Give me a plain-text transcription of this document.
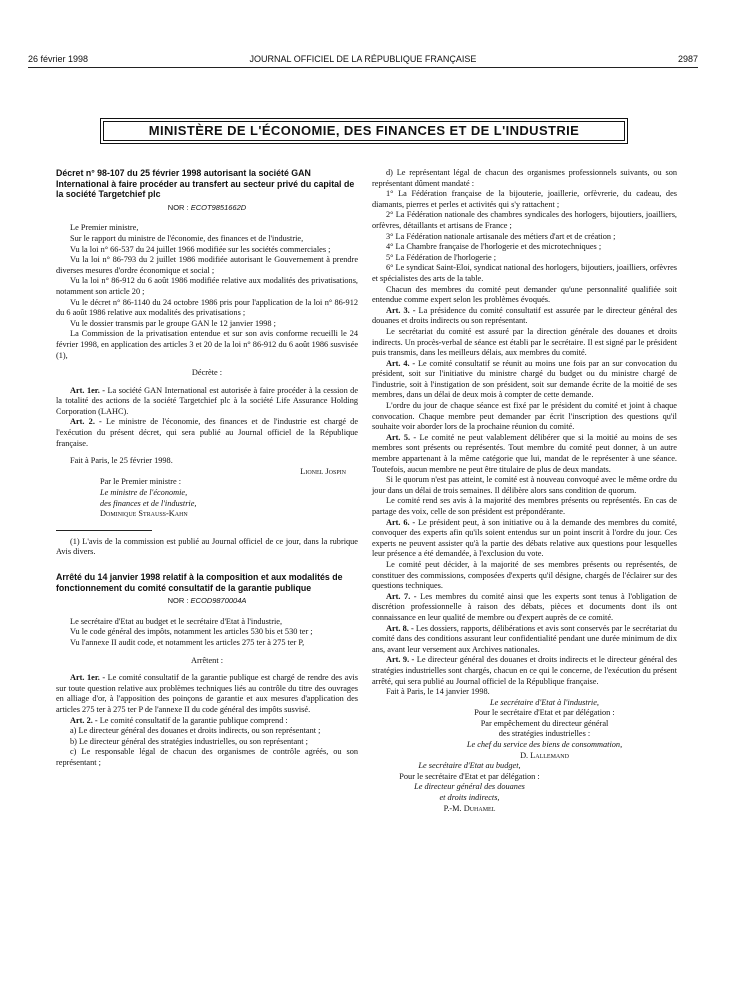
26 février 1998	JOURNAL OFFICIEL DE LA RÉPUBLIQUE FRANÇAISE	2987
MINISTÈRE DE L'ÉCONOMIE, DES FINANCES ET DE L'INDUSTRIE
Décret n° 98-107 du 25 février 1998 autorisant la société GAN International à faire procéder au transfert au secteur privé du capital de la société Targetchief plc
NOR : ECOT9851662D

Le Premier ministre,

Sur le rapport du ministre de l'économie, des finances et de l'industrie,

Vu la loi n° 66-537 du 24 juillet 1966 modifiée sur les sociétés commerciales ;

Vu la loi n° 86-793 du 2 juillet 1986 modifiée autorisant le Gouvernement à prendre diverses mesures d'ordre économique et social ;

Vu la loi n° 86-912 du 6 août 1986 modifiée relative aux modalités des privatisations, notamment son article 20 ;

Vu le décret n° 86-1140 du 24 octobre 1986 pris pour l'application de la loi n° 86-912 du 6 août 1986 relative aux modalités des privatisations ;

Vu le dossier transmis par le groupe GAN le 12 janvier 1998 ;

La Commission de la privatisation entendue et sur son avis conforme recueilli le 24 février 1998, en application des articles 3 et 20 de la loi n° 86-912 du 6 août 1986 susvisée (1),

Décrète :

Art. 1er. - La société GAN International est autorisée à faire procéder à la cession de la totalité des actions de la société Targetchief plc à la société Life Assurance Holding Corporation (LAHC).

Art. 2. - Le ministre de l'économie, des finances et de l'industrie est chargé de l'exécution du présent décret, qui sera publié au Journal officiel de la République française.

Fait à Paris, le 25 février 1998.

Lionel Jospin

Par le Premier ministre :

Le ministre de l'économie,

des finances et de l'industrie,

Dominique Strauss-Kahn

(1) L'avis de la commission est publié au Journal officiel de ce jour, dans la rubrique Avis divers.

Arrêté du 14 janvier 1998 relatif à la composition et aux modalités de fonctionnement du comité consultatif de la garantie publique
NOR : ECOD9870004A

Le secrétaire d'Etat au budget et le secrétaire d'Etat à l'industrie,

Vu le code général des impôts, notamment les articles 530 bis et 530 ter ;

Vu l'annexe II audit code, et notamment les articles 275 ter à 275 ter P,

Arrêtent :

Art. 1er. - Le comité consultatif de la garantie publique est chargé de rendre des avis sur toute question relative aux problèmes techniques liés au contrôle du titre des ouvrages en alliage d'or, à l'apposition des poinçons de garantie et aux mesures d'application des articles 275 ter à 275 ter P de l'annexe II du code général des impôts susvisé.

Art. 2. - Le comité consultatif de la garantie publique comprend :

a) Le directeur général des douanes et droits indirects, ou son représentant ;

b) Le directeur général des stratégies industrielles, ou son représentant ;

c) Le responsable légal de chacun des organismes de contrôle agréés, ou son représentant ;

d) Le représentant légal de chacun des organismes professionnels suivants, ou son représentant dûment mandaté :

1° La Fédération française de la bijouterie, joaillerie, orfèvrerie, du cadeau, des diamants, pierres et perles et activités qui s'y rattachent ;

2° La Fédération nationale des chambres syndicales des horlogers, bijoutiers, joailliers, orfèvres, détaillants et artisans de France ;

3° La Fédération nationale artisanale des métiers d'art et de création ;

4° La Chambre française de l'horlogerie et des microtechniques ;

5° La Fédération de l'horlogerie ;

6° Le syndicat Saint-Eloi, syndicat national des horlogers, bijoutiers, joailliers, orfèvres et spécialistes des arts de la table.

Chacun des membres du comité peut demander qu'une personnalité qualifiée soit entendue comme expert selon les problèmes évoqués.

Art. 3. - La présidence du comité consultatif est assurée par le directeur général des douanes et droits indirects ou son représentant.

Le secrétariat du comité est assuré par la direction générale des douanes et droits indirects. Un procès-verbal de séance est établi par le secrétaire. Il est signé par le président puis transmis, dans les meilleurs délais, aux membres du comité.

Art. 4. - Le comité consultatif se réunit au moins une fois par an sur convocation du président, soit sur l'initiative du ministre chargé du budget ou du ministre chargé de l'industrie, soit à l'instigation de son président, soit sur demande écrite de la moitié de ses membres, dans un délai de deux mois à compter de cette demande.

L'ordre du jour de chaque séance est fixé par le président du comité et joint à chaque convocation. Chaque membre peut demander par écrit l'inscription des questions qu'il souhaite voir aborder lors de la prochaine réunion du comité.

Art. 5. - Le comité ne peut valablement délibérer que si la moitié au moins de ses membres sont présents ou représentés. Tout membre du comité peut donner, à un autre membre appartenant à la même catégorie que lui, mandat de le représenter à une séance. Toutefois, aucun membre ne peut être titulaire de plus de deux mandats.

Si le quorum n'est pas atteint, le comité est à nouveau convoqué avec le même ordre du jour dans un délai de trois semaines. Il délibère alors sans condition de quorum.

Le comité rend ses avis à la majorité des membres présents ou représentés. En cas de partage des voix, celle de son président est prépondérante.

Art. 6. - Le président peut, à son initiative ou à la demande des membres du comité, convoquer des experts afin qu'ils soient entendus sur un point inscrit à l'ordre du jour. Ces experts ne peuvent assister qu'à la partie des débats relative aux questions pour lesquelles leur présence a été demandée, à l'exclusion du vote.

Le comité peut décider, à la majorité de ses membres présents ou représentés, de constituer des commissions, composées d'experts qu'il désigne, chargés de l'éclairer sur des questions techniques.

Art. 7. - Les membres du comité ainsi que les experts sont tenus à l'obligation de discrétion professionnelle à raison des débats, pièces et documents dont ils ont connaissance en leur qualité de membre ou d'expert auprès de ce comité.

Art. 8. - Les dossiers, rapports, délibérations et avis sont conservés par le secrétariat du comité dans des conditions assurant leur confidentialité pendant une durée minimum de dix ans, avant leur versement aux Archives nationales.

Art. 9. - Le directeur général des douanes et droits indirects et le directeur général des stratégies industrielles sont chargés, chacun en ce qui le concerne, de l'exécution du présent arrêté, qui sera publié au Journal officiel de la République française.

Fait à Paris, le 14 janvier 1998.

Le secrétaire d'Etat à l'industrie,

Pour le secrétaire d'Etat et par délégation :

Par empêchement du directeur général

des stratégies industrielles :

Le chef du service des biens de consommation,

D. Lallemand

Le secrétaire d'Etat au budget,

Pour le secrétaire d'Etat et par délégation :

Le directeur général des douanes

et droits indirects,

P.-M. Duhamel
